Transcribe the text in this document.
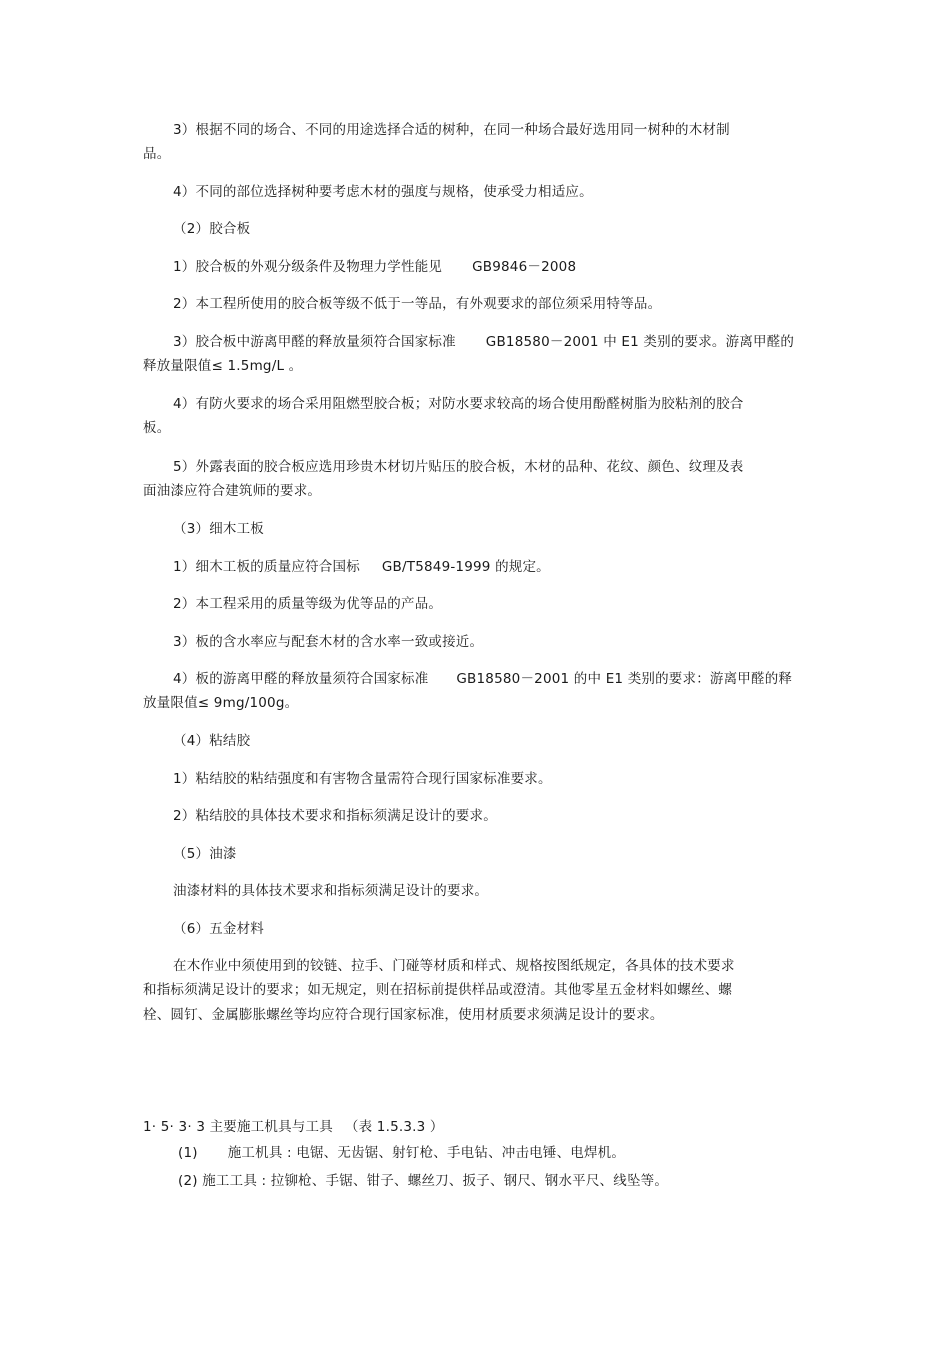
3）根据不同的场合、不同的用途选择合适的树种，在同一种场合最好选用同一树种的木材制

品。

4）不同的部位选择树种要考虑木材的强度与规格，使承受力相适应。

（2）胶合板

1）胶合板的外观分级条件及物理力学性能见 GB9846－2008

2）本工程所使用的胶合板等级不低于一等品，有外观要求的部位须采用特等品。

3）胶合板中游离甲醛的释放量须符合国家标准 GB18580－2001 中 E1 类别的要求。游离甲醛的

释放量限值≤ 1.5mg/L 。

4）有防火要求的场合采用阻燃型胶合板；对防水要求较高的场合使用酚醛树脂为胶粘剂的胶合

板。

5）外露表面的胶合板应选用珍贵木材切片贴压的胶合板，木材的品种、花纹、颜色、纹理及表

面油漆应符合建筑师的要求。

（3）细木工板

1）细木工板的质量应符合国标 GB/T5849-1999 的规定。

2）本工程采用的质量等级为优等品的产品。

3）板的含水率应与配套木材的含水率一致或接近。

4）板的游离甲醛的释放量须符合国家标准 GB18580－2001 的中 E1 类别的要求：游离甲醛的释

放量限值≤ 9mg/100g。

（4）粘结胶

1）粘结胶的粘结强度和有害物含量需符合现行国家标准要求。

2）粘结胶的具体技术要求和指标须满足设计的要求。

（5）油漆

油漆材料的具体技术要求和指标须满足设计的要求。

（6）五金材料

在木作业中须使用到的铰链、拉手、门碰等材质和样式、规格按图纸规定，各具体的技术要求

和指标须满足设计的要求；如无规定，则在招标前提供样品或澄清。其他零星五金材料如螺丝、螺

栓、圆钉、金属膨胀螺丝等均应符合现行国家标准，使用材质要求须满足设计的要求。

1· 5· 3· 3 主要施工机具与工具 （表 1.5.3.3 ）

(1) 施工机具 : 电锯、无齿锯、射钉枪、手电钻、冲击电锤、电焊机。

(2) 施工工具 : 拉铆枪、手锯、钳子、螺丝刀、扳子、钢尺、钢水平尺、线坠等。
